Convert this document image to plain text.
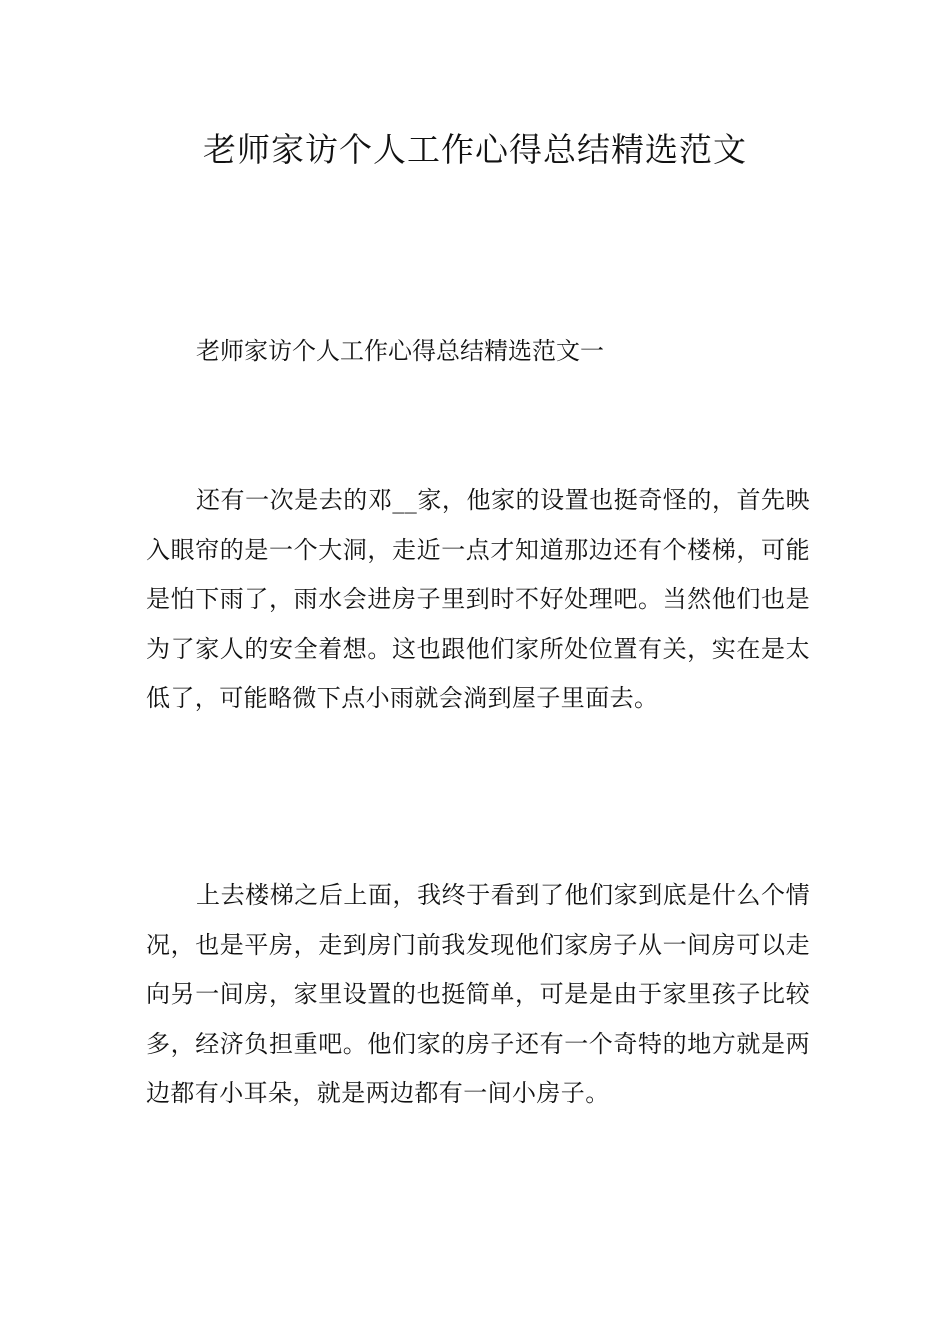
老师家访个人工作心得总结精选范文
老师家访个人工作心得总结精选范文一

还有一次是去的邓__家，他家的设置也挺奇怪的，首先映入眼帘的是一个大洞，走近一点才知道那边还有个楼梯，可能是怕下雨了，雨水会进房子里到时不好处理吧。当然他们也是为了家人的安全着想。这也跟他们家所处位置有关，实在是太低了，可能略微下点小雨就会淌到屋子里面去。

上去楼梯之后上面，我终于看到了他们家到底是什么个情况，也是平房，走到房门前我发现他们家房子从一间房可以走向另一间房，家里设置的也挺简单，可是是由于家里孩子比较多，经济负担重吧。他们家的房子还有一个奇特的地方就是两边都有小耳朵，就是两边都有一间小房子。
